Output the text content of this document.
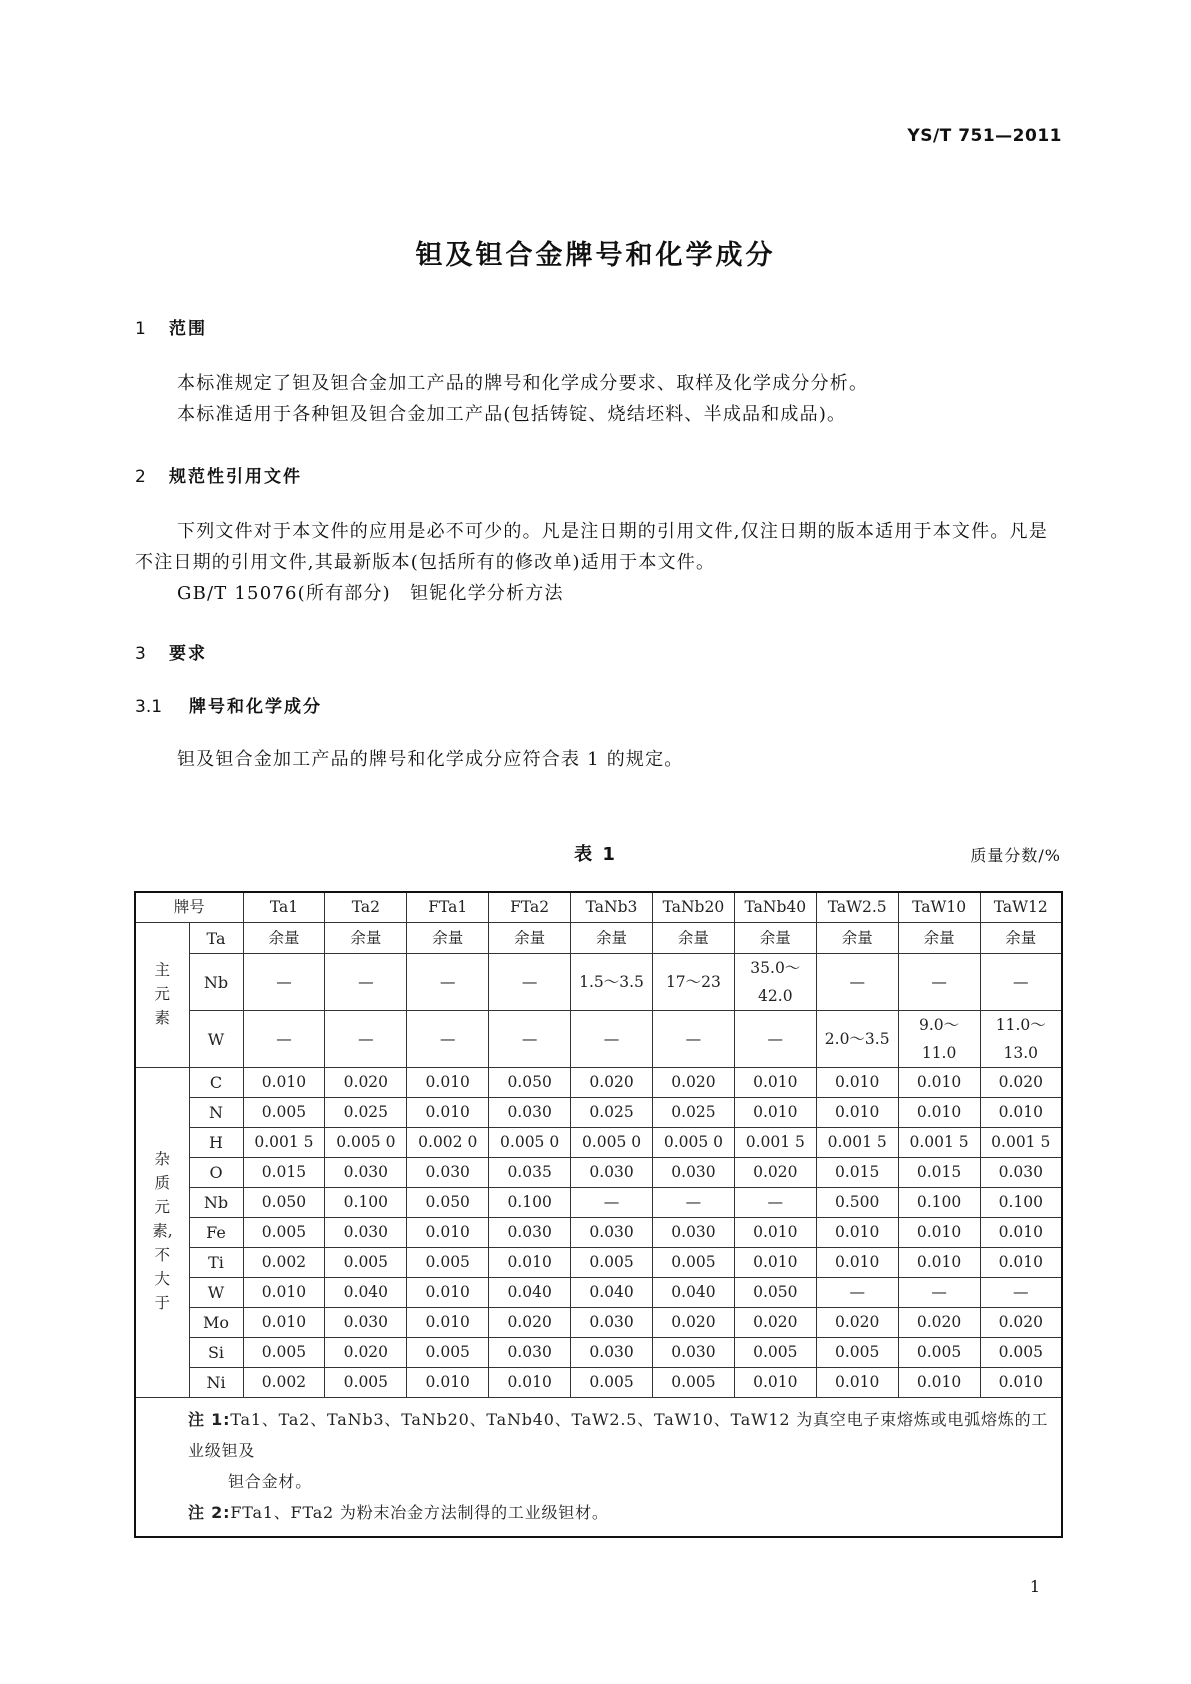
YS/T 751—2011
钽及钽合金牌号和化学成分
1 范围
本标准规定了钽及钽合金加工产品的牌号和化学成分要求、取样及化学成分分析。
本标准适用于各种钽及钽合金加工产品(包括铸锭、烧结坯料、半成品和成品)。
2 规范性引用文件
下列文件对于本文件的应用是必不可少的。凡是注日期的引用文件,仅注日期的版本适用于本文件。凡是不注日期的引用文件,其最新版本(包括所有的修改单)适用于本文件。
GB/T 15076(所有部分)　钽铌化学分析方法
3 要求
3.1 牌号和化学成分
钽及钽合金加工产品的牌号和化学成分应符合表 1 的规定。
表 1	质量分数/%
牌号		Ta1	Ta2	FTa1	FTa2	TaNb3	TaNb20	TaNb40	TaW2.5	TaW10	TaW12
主元素	Ta	余量	余量	余量	余量	余量	余量	余量	余量	余量	余量
	Nb	—	—	—	—	1.5～3.5	17～23	35.0～42.0	—	—	—
	W	—	—	—	—	—	—	—	2.0～3.5	9.0～11.0	11.0～13.0
杂质元素,不大于	C	0.010	0.020	0.010	0.050	0.020	0.020	0.010	0.010	0.010	0.020
	N	0.005	0.025	0.010	0.030	0.025	0.025	0.010	0.010	0.010	0.010
	H	0.001 5	0.005 0	0.002 0	0.005 0	0.005 0	0.005 0	0.001 5	0.001 5	0.001 5	0.001 5
	O	0.015	0.030	0.030	0.035	0.030	0.030	0.020	0.015	0.015	0.030
	Nb	0.050	0.100	0.050	0.100	—	—	—	0.500	0.100	0.100
	Fe	0.005	0.030	0.010	0.030	0.030	0.030	0.010	0.010	0.010	0.010
	Ti	0.002	0.005	0.005	0.010	0.005	0.005	0.010	0.010	0.010	0.010
	W	0.010	0.040	0.010	0.040	0.040	0.040	0.050	—	—	—
	Mo	0.010	0.030	0.010	0.020	0.030	0.020	0.020	0.020	0.020	0.020
	Si	0.005	0.020	0.005	0.030	0.030	0.030	0.005	0.005	0.005	0.005
	Ni	0.002	0.005	0.010	0.010	0.005	0.005	0.010	0.010	0.010	0.010

注 1:Ta1、Ta2、TaNb3、TaNb20、TaNb40、TaW2.5、TaW10、TaW12 为真空电子束熔炼或电弧熔炼的工业级钽及
钽合金材。
注 2:FTa1、FTa2 为粉末冶金方法制得的工业级钽材。											
1
